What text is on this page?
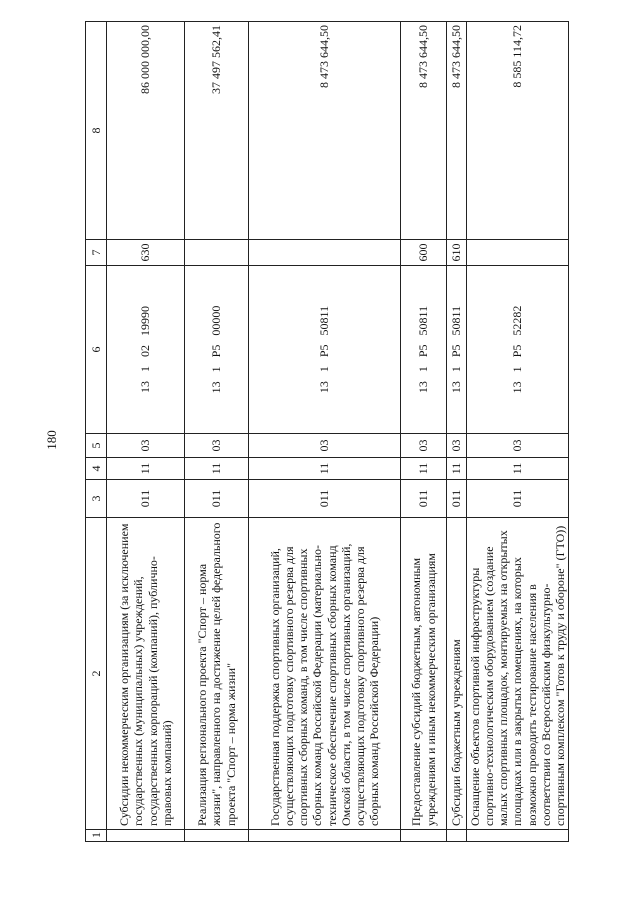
180
1	2	3	4	5	6	7	8
	Субсидии некоммерческим организациям (за исключением государственных (муниципальных) учреждений, государственных корпораций (компаний), публично-правовых компаний)	011	11	03	13   1   02   19990	630	86 000 000,00
	Реализация регионального проекта "Спорт – норма жизни", направленного на достижение целей федерального проекта "Спорт – норма жизни"	011	11	03	13   1   P5   00000		37 497 562,41
	Государственная поддержка спортивных организаций, осуществляющих подготовку спортивного резерва для спортивных сборных команд, в том числе спортивных сборных команд Российской Федерации (материально-техническое обеспечение спортивных сборных команд Омской области, в том числе спортивных организаций, осуществляющих подготовку спортивного резерва для сборных команд Российской Федерации)	011	11	03	13   1   P5   50811		8 473 644,50
	Предоставление субсидий бюджетным, автономным учреждениям и иным некоммерческим организациям	011	11	03	13   1   P5   50811	600	8 473 644,50
	Субсидии бюджетным учреждениям	011	11	03	13   1   P5   50811	610	8 473 644,50
	Оснащение объектов спортивной инфраструктуры спортивно-технологическим оборудованием (создание малых спортивных площадок, монтируемых на открытых площадках или в закрытых помещениях, на которых возможно проводить тестирование населения в соответствии со Всероссийским физкультурно-спортивным комплексом "Готов к труду и обороне" (ГТО))	011	11	03	13   1   P5   52282		8 585 114,72
